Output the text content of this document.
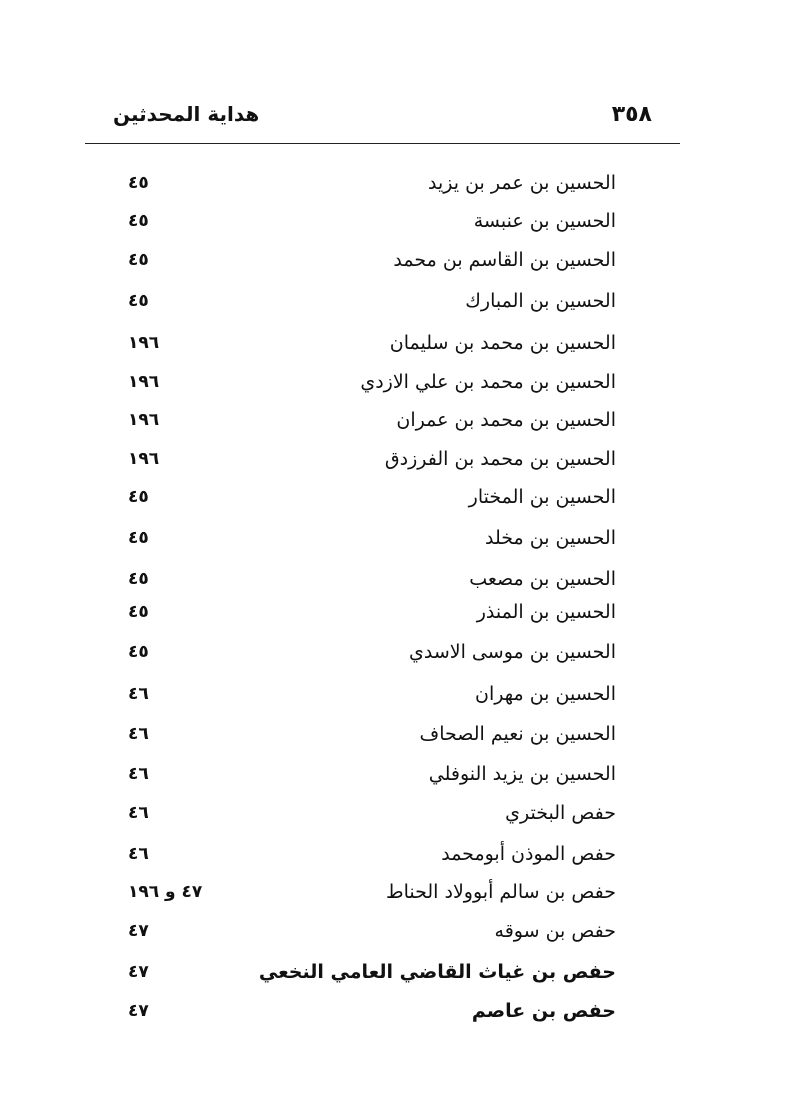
٣٥٨
هداية المحدثين
الحسين بن عمر بن يزيد
٤٥
الحسين بن عنبسة
٤٥
الحسين بن القاسم بن محمد
٤٥
الحسين بن المبارك
٤٥
الحسين بن محمد بن سليمان
١٩٦
الحسين بن محمد بن علي الازدي
١٩٦
الحسين بن محمد بن عمران
١٩٦
الحسين بن محمد بن الفرزدق
١٩٦
الحسين بن المختار
٤٥
الحسين بن مخلد
٤٥
الحسين بن مصعب
٤٥
الحسين بن المنذر
٤٥
الحسين بن موسى الاسدي
٤٥
الحسين بن مهران
٤٦
الحسين بن نعيم الصحاف
٤٦
الحسين بن يزيد النوفلي
٤٦
حفص البختري
٤٦
حفص الموذن أبومحمد
٤٦
حفص بن سالم أبوولاد الحناط
٤٧ و ١٩٦
حفص بن سوقه
٤٧
حفص بن غياث القاضي العامي النخعي
٤٧
حفص بن عاصم
٤٧
